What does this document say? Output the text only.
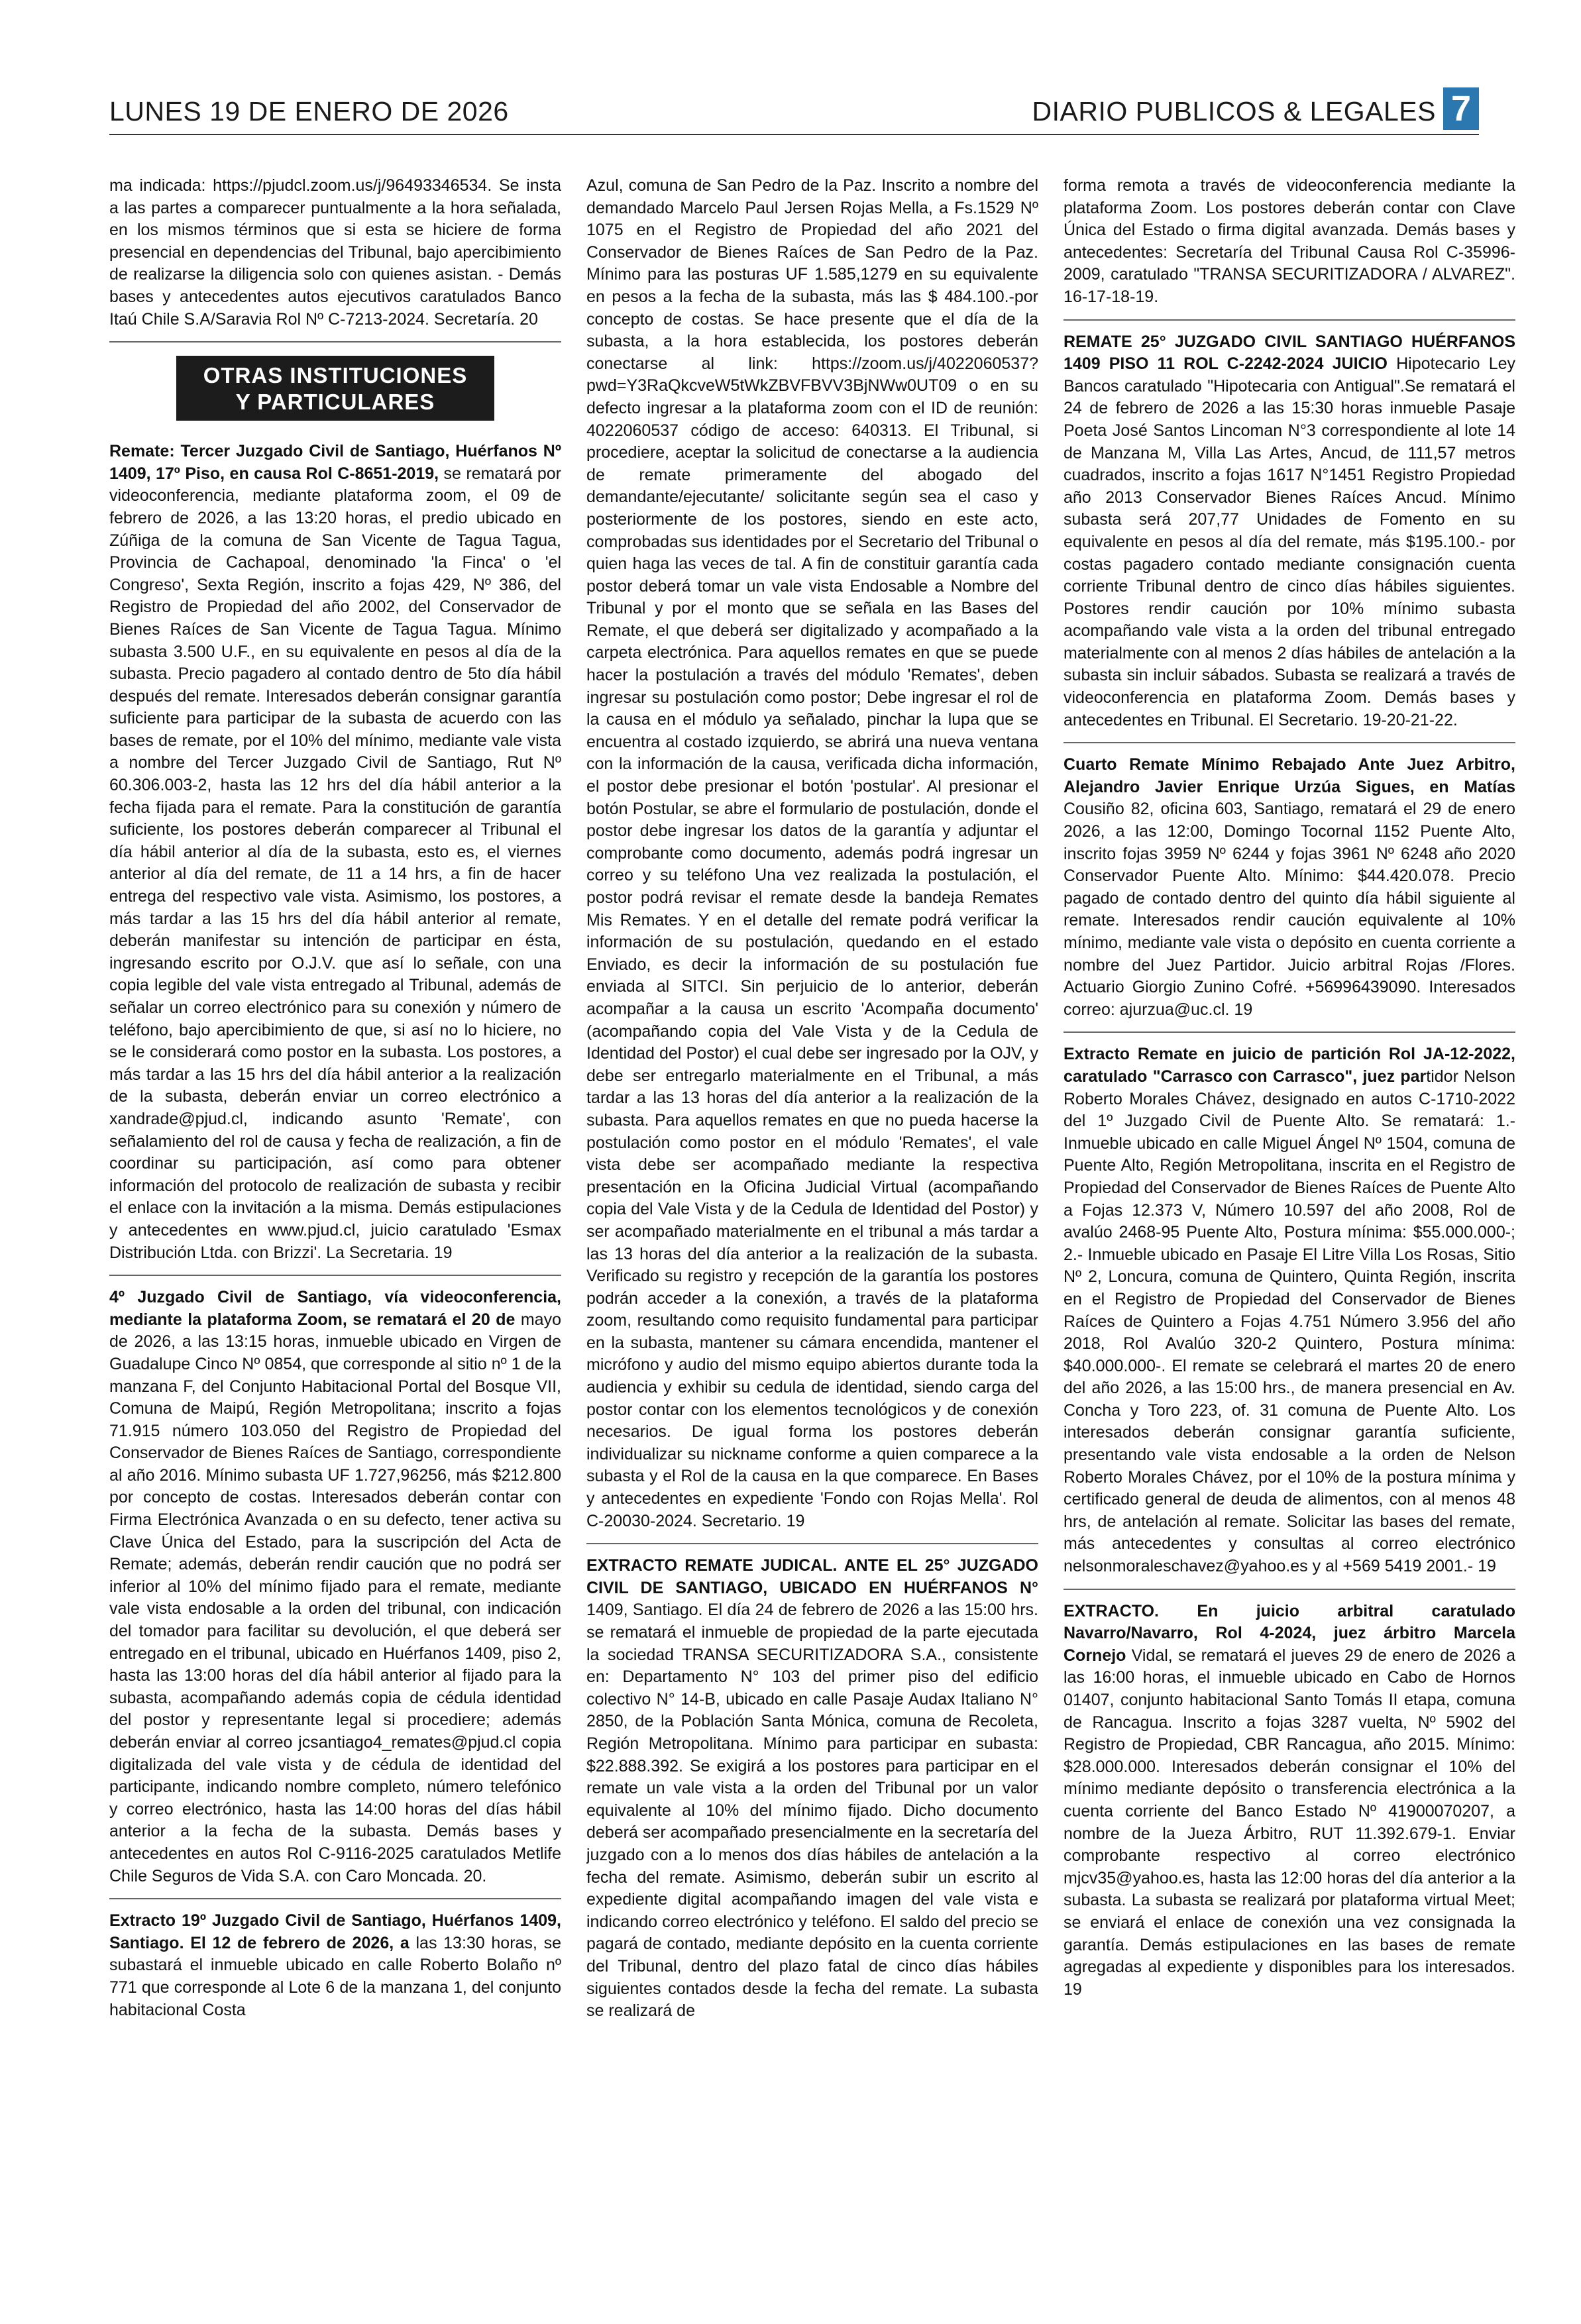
LUNES 19 DE ENERO DE 2026	DIARIO PUBLICOS & LEGALES 7

ma indicada: https://pjudcl.zoom.us/j/96493346534. Se insta a las partes a comparecer puntualmente a la hora señalada, en los mismos términos que si esta se hiciere de forma presencial en dependencias del Tribunal, bajo apercibimiento de realizarse la diligencia solo con quienes asistan. - Demás bases y antecedentes autos ejecutivos caratulados Banco Itaú Chile S.A/Saravia Rol Nº C-7213-2024. Secretaría. 20

OTRAS INSTITUCIONES
Y PARTICULARES

Remate: Tercer Juzgado Civil de Santiago, Huérfanos Nº 1409, 17º Piso, en causa Rol C-8651-2019, se rematará por videoconferencia, mediante plataforma zoom, el 09 de febrero de 2026, a las 13:20 horas, el predio ubicado en Zúñiga de la comuna de San Vicente de Tagua Tagua, Provincia de Cachapoal, denominado 'la Finca' o 'el Congreso', Sexta Región, inscrito a fojas 429, Nº 386, del Registro de Propiedad del año 2002, del Conservador de Bienes Raíces de San Vicente de Tagua Tagua. Mínimo subasta 3.500 U.F., en su equivalente en pesos al día de la subasta. Precio pagadero al contado dentro de 5to día hábil después del remate. Interesados deberán consignar garantía suficiente para participar de la subasta de acuerdo con las bases de remate, por el 10% del mínimo, mediante vale vista a nombre del Tercer Juzgado Civil de Santiago, Rut Nº 60.306.003-2, hasta las 12 hrs del día hábil anterior a la fecha fijada para el remate. Para la constitución de garantía suficiente, los postores deberán comparecer al Tribunal el día hábil anterior al día de la subasta, esto es, el viernes anterior al día del remate, de 11 a 14 hrs, a fin de hacer entrega del respectivo vale vista. Asimismo, los postores, a más tardar a las 15 hrs del día hábil anterior al remate, deberán manifestar su intención de participar en ésta, ingresando escrito por O.J.V. que así lo señale, con una copia legible del vale vista entregado al Tribunal, además de señalar un correo electrónico para su conexión y número de teléfono, bajo apercibimiento de que, si así no lo hiciere, no se le considerará como postor en la subasta. Los postores, a más tardar a las 15 hrs del día hábil anterior a la realización de la subasta, deberán enviar un correo electrónico a xandrade@pjud.cl, indicando asunto 'Remate', con señalamiento del rol de causa y fecha de realización, a fin de coordinar su participación, así como para obtener información del protocolo de realización de subasta y recibir el enlace con la invitación a la misma. Demás estipulaciones y antecedentes en www.pjud.cl, juicio caratulado 'Esmax Distribución Ltda. con Brizzi'. La Secretaria. 19

4º Juzgado Civil de Santiago, vía videoconferencia, mediante la plataforma Zoom, se rematará el 20 de mayo de 2026, a las 13:15 horas, inmueble ubicado en Virgen de Guadalupe Cinco Nº 0854, que corresponde al sitio nº 1 de la manzana F, del Conjunto Habitacional Portal del Bosque VII, Comuna de Maipú, Región Metropolitana; inscrito a fojas 71.915 número 103.050 del Registro de Propiedad del Conservador de Bienes Raíces de Santiago, correspondiente al año 2016. Mínimo subasta UF 1.727,96256, más $212.800 por concepto de costas. Interesados deberán contar con Firma Electrónica Avanzada o en su defecto, tener activa su Clave Única del Estado, para la suscripción del Acta de Remate; además, deberán rendir caución que no podrá ser inferior al 10% del mínimo fijado para el remate, mediante vale vista endosable a la orden del tribunal, con indicación del tomador para facilitar su devolución, el que deberá ser entregado en el tribunal, ubicado en Huérfanos 1409, piso 2, hasta las 13:00 horas del día hábil anterior al fijado para la subasta, acompañando además copia de cédula identidad del postor y representante legal si procediere; además deberán enviar al correo jcsantiago4_remates@pjud.cl copia digitalizada del vale vista y de cédula de identidad del participante, indicando nombre completo, número telefónico y correo electrónico, hasta las 14:00 horas del días hábil anterior a la fecha de la subasta. Demás bases y antecedentes en autos Rol C-9116-2025 caratulados Metlife Chile Seguros de Vida S.A. con Caro Moncada. 20.

Extracto 19º Juzgado Civil de Santiago, Huérfanos 1409, Santiago. El 12 de febrero de 2026, a las 13:30 horas, se subastará el inmueble ubicado en calle Roberto Bolaño nº 771 que corresponde al Lote 6 de la manzana 1, del conjunto habitacional Costa

Azul, comuna de San Pedro de la Paz. Inscrito a nombre del demandado Marcelo Paul Jersen Rojas Mella, a Fs.1529 Nº 1075 en el Registro de Propiedad del año 2021 del Conservador de Bienes Raíces de San Pedro de la Paz. Mínimo para las posturas UF 1.585,1279 en su equivalente en pesos a la fecha de la subasta, más las $ 484.100.-por concepto de costas. Se hace presente que el día de la subasta, a la hora establecida, los postores deberán conectarse al link: https://zoom.us/j/4022060537?pwd=Y3RaQkcveW5tWkZBVFBVV3BjNWw0UT09 o en su defecto ingresar a la plataforma zoom con el ID de reunión: 4022060537 código de acceso: 640313. El Tribunal, si procediere, aceptar la solicitud de conectarse a la audiencia de remate primeramente del abogado del demandante/ejecutante/ solicitante según sea el caso y posteriormente de los postores, siendo en este acto, comprobadas sus identidades por el Secretario del Tribunal o quien haga las veces de tal. A fin de constituir garantía cada postor deberá tomar un vale vista Endosable a Nombre del Tribunal y por el monto que se señala en las Bases del Remate, el que deberá ser digitalizado y acompañado a la carpeta electrónica. Para aquellos remates en que se puede hacer la postulación a través del módulo 'Remates', deben ingresar su postulación como postor; Debe ingresar el rol de la causa en el módulo ya señalado, pinchar la lupa que se encuentra al costado izquierdo, se abrirá una nueva ventana con la información de la causa, verificada dicha información, el postor debe presionar el botón 'postular'. Al presionar el botón Postular, se abre el formulario de postulación, donde el postor debe ingresar los datos de la garantía y adjuntar el comprobante como documento, además podrá ingresar un correo y su teléfono Una vez realizada la postulación, el postor podrá revisar el remate desde la bandeja Remates Mis Remates. Y en el detalle del remate podrá verificar la información de su postulación, quedando en el estado Enviado, es decir la información de su postulación fue enviada al SITCI. Sin perjuicio de lo anterior, deberán acompañar a la causa un escrito 'Acompaña documento' (acompañando copia del Vale Vista y de la Cedula de Identidad del Postor) el cual debe ser ingresado por la OJV, y debe ser entregarlo materialmente en el Tribunal, a más tardar a las 13 horas del día anterior a la realización de la subasta. Para aquellos remates en que no pueda hacerse la postulación como postor en el módulo 'Remates', el vale vista debe ser acompañado mediante la respectiva presentación en la Oficina Judicial Virtual (acompañando copia del Vale Vista y de la Cedula de Identidad del Postor) y ser acompañado materialmente en el tribunal a más tardar a las 13 horas del día anterior a la realización de la subasta. Verificado su registro y recepción de la garantía los postores podrán acceder a la conexión, a través de la plataforma zoom, resultando como requisito fundamental para participar en la subasta, mantener su cámara encendida, mantener el micrófono y audio del mismo equipo abiertos durante toda la audiencia y exhibir su cedula de identidad, siendo carga del postor contar con los elementos tecnológicos y de conexión necesarios. De igual forma los postores deberán individualizar su nickname conforme a quien comparece a la subasta y el Rol de la causa en la que comparece. En Bases y antecedentes en expediente 'Fondo con Rojas Mella'. Rol C-20030-2024. Secretario. 19

EXTRACTO REMATE JUDICAL. ANTE EL 25° JUZGADO CIVIL DE SANTIAGO, UBICADO EN HUÉRFANOS N° 1409, Santiago. El día 24 de febrero de 2026 a las 15:00 hrs. se rematará el inmueble de propiedad de la parte ejecutada la sociedad TRANSA SECURITIZADORA S.A., consistente en: Departamento N° 103 del primer piso del edificio colectivo N° 14-B, ubicado en calle Pasaje Audax Italiano N° 2850, de la Población Santa Mónica, comuna de Recoleta, Región Metropolitana. Mínimo para participar en subasta: $22.888.392. Se exigirá a los postores para participar en el remate un vale vista a la orden del Tribunal por un valor equivalente al 10% del mínimo fijado. Dicho documento deberá ser acompañado presencialmente en la secretaría del juzgado con a lo menos dos días hábiles de antelación a la fecha del remate. Asimismo, deberán subir un escrito al expediente digital acompañando imagen del vale vista e indicando correo electrónico y teléfono. El saldo del precio se pagará de contado, mediante depósito en la cuenta corriente del Tribunal, dentro del plazo fatal de cinco días hábiles siguientes contados desde la fecha del remate. La subasta se realizará de

forma remota a través de videoconferencia mediante la plataforma Zoom. Los postores deberán contar con Clave Única del Estado o firma digital avanzada. Demás bases y antecedentes: Secretaría del Tribunal Causa Rol C-35996-2009, caratulado "TRANSA SECURITIZADORA / ALVAREZ". 16-17-18-19.

REMATE 25° JUZGADO CIVIL SANTIAGO HUÉRFANOS 1409 PISO 11 ROL C-2242-2024 JUICIO Hipotecario Ley Bancos caratulado "Hipotecaria con Antigual".Se rematará el 24 de febrero de 2026 a las 15:30 horas inmueble Pasaje Poeta José Santos Lincoman N°3 correspondiente al lote 14 de Manzana M, Villa Las Artes, Ancud, de 111,57 metros cuadrados, inscrito a fojas 1617 N°1451 Registro Propiedad año 2013 Conservador Bienes Raíces Ancud. Mínimo subasta será 207,77 Unidades de Fomento en su equivalente en pesos al día del remate, más $195.100.- por costas pagadero contado mediante consignación cuenta corriente Tribunal dentro de cinco días hábiles siguientes. Postores rendir caución por 10% mínimo subasta acompañando vale vista a la orden del tribunal entregado materialmente con al menos 2 días hábiles de antelación a la subasta sin incluir sábados. Subasta se realizará a través de videoconferencia en plataforma Zoom. Demás bases y antecedentes en Tribunal. El Secretario. 19-20-21-22.

Cuarto Remate Mínimo Rebajado Ante Juez Arbitro, Alejandro Javier Enrique Urzúa Sigues, en Matías Cousiño 82, oficina 603, Santiago, rematará el 29 de enero 2026, a las 12:00, Domingo Tocornal 1152 Puente Alto, inscrito fojas 3959 Nº 6244 y fojas 3961 Nº 6248 año 2020 Conservador Puente Alto. Mínimo: $44.420.078. Precio pagado de contado dentro del quinto día hábil siguiente al remate. Interesados rendir caución equivalente al 10% mínimo, mediante vale vista o depósito en cuenta corriente a nombre del Juez Partidor. Juicio arbitral Rojas /Flores. Actuario Giorgio Zunino Cofré. +56996439090. Interesados correo: ajurzua@uc.cl. 19

Extracto Remate en juicio de partición Rol JA-12-2022, caratulado "Carrasco con Carrasco", juez partidor Nelson Roberto Morales Chávez, designado en autos C-1710-2022 del 1º Juzgado Civil de Puente Alto. Se rematará: 1.- Inmueble ubicado en calle Miguel Ángel Nº 1504, comuna de Puente Alto, Región Metropolitana, inscrita en el Registro de Propiedad del Conservador de Bienes Raíces de Puente Alto a Fojas 12.373 V, Número 10.597 del año 2008, Rol de avalúo 2468-95 Puente Alto, Postura mínima: $55.000.000-; 2.- Inmueble ubicado en Pasaje El Litre Villa Los Rosas, Sitio Nº 2, Loncura, comuna de Quintero, Quinta Región, inscrita en el Registro de Propiedad del Conservador de Bienes Raíces de Quintero a Fojas 4.751 Número 3.956 del año 2018, Rol Avalúo 320-2 Quintero, Postura mínima: $40.000.000-. El remate se celebrará el martes 20 de enero del año 2026, a las 15:00 hrs., de manera presencial en Av. Concha y Toro 223, of. 31 comuna de Puente Alto. Los interesados deberán consignar garantía suficiente, presentando vale vista endosable a la orden de Nelson Roberto Morales Chávez, por el 10% de la postura mínima y certificado general de deuda de alimentos, con al menos 48 hrs, de antelación al remate. Solicitar las bases del remate, más antecedentes y consultas al correo electrónico nelsonmoraleschavez@yahoo.es y al +569 5419 2001.- 19

EXTRACTO. En juicio arbitral caratulado Navarro/Navarro, Rol 4-2024, juez árbitro Marcela Cornejo Vidal, se rematará el jueves 29 de enero de 2026 a las 16:00 horas, el inmueble ubicado en Cabo de Hornos 01407, conjunto habitacional Santo Tomás II etapa, comuna de Rancagua. Inscrito a fojas 3287 vuelta, Nº 5902 del Registro de Propiedad, CBR Rancagua, año 2015. Mínimo: $28.000.000. Interesados deberán consignar el 10% del mínimo mediante depósito o transferencia electrónica a la cuenta corriente del Banco Estado Nº 41900070207, a nombre de la Jueza Árbitro, RUT 11.392.679-1. Enviar comprobante respectivo al correo electrónico mjcv35@yahoo.es, hasta las 12:00 horas del día anterior a la subasta. La subasta se realizará por plataforma virtual Meet; se enviará el enlace de conexión una vez consignada la garantía. Demás estipulaciones en las bases de remate agregadas al expediente y disponibles para los interesados. 19
